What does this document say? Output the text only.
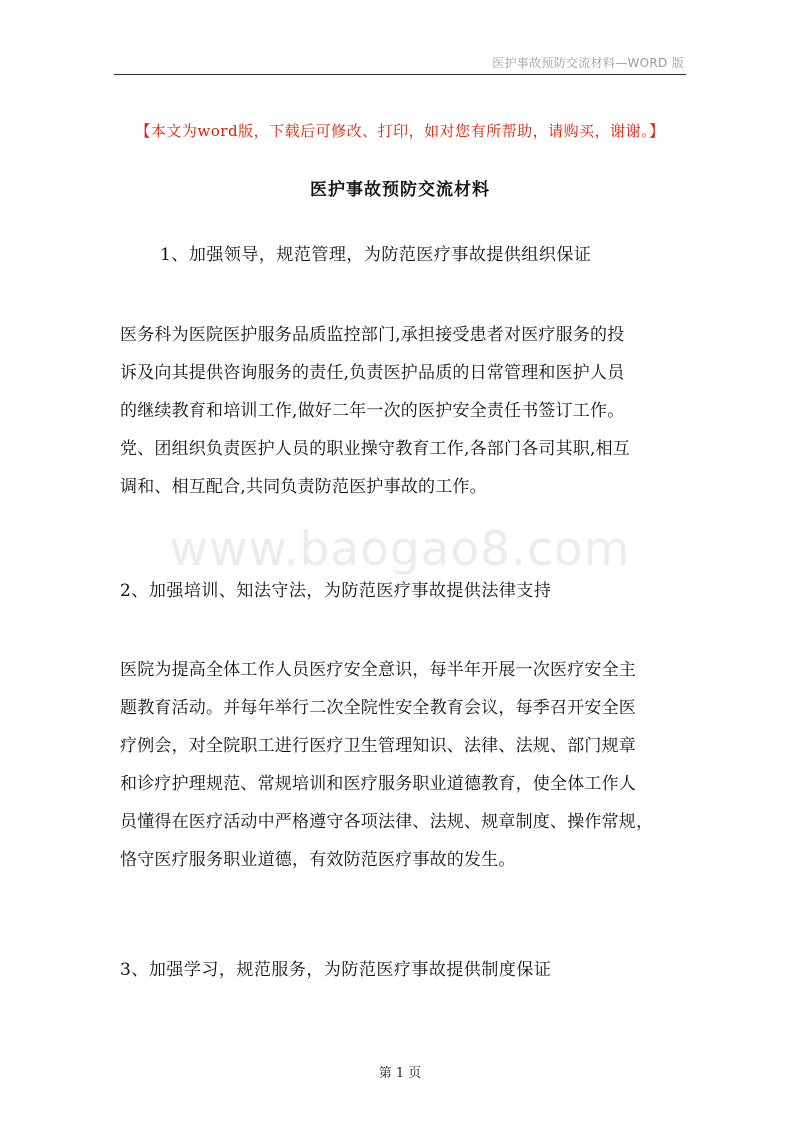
医护事故预防交流材料—WORD 版
【本文为word版，下载后可修改、打印，如对您有所帮助，请购买，谢谢。】
医护事故预防交流材料
1、加强领导，规范管理，为防范医疗事故提供组织保证
医务科为医院医护服务品质监控部门,承担接受患者对医疗服务的投
诉及向其提供咨询服务的责任,负责医护品质的日常管理和医护人员
的继续教育和培训工作,做好二年一次的医护安全责任书签订工作。
党、团组织负责医护人员的职业操守教育工作,各部门各司其职,相互
调和、相互配合,共同负责防范医护事故的工作。
www.baogao8.com
2、加强培训、知法守法，为防范医疗事故提供法律支持
医院为提高全体工作人员医疗安全意识，每半年开展一次医疗安全主
题教育活动。并每年举行二次全院性安全教育会议，每季召开安全医
疗例会，对全院职工进行医疗卫生管理知识、法律、法规、部门规章
和诊疗护理规范、常规培训和医疗服务职业道德教育，使全体工作人
员懂得在医疗活动中严格遵守各项法律、法规、规章制度、操作常规，
恪守医疗服务职业道德，有效防范医疗事故的发生。
3、加强学习，规范服务，为防范医疗事故提供制度保证
第 1 页
